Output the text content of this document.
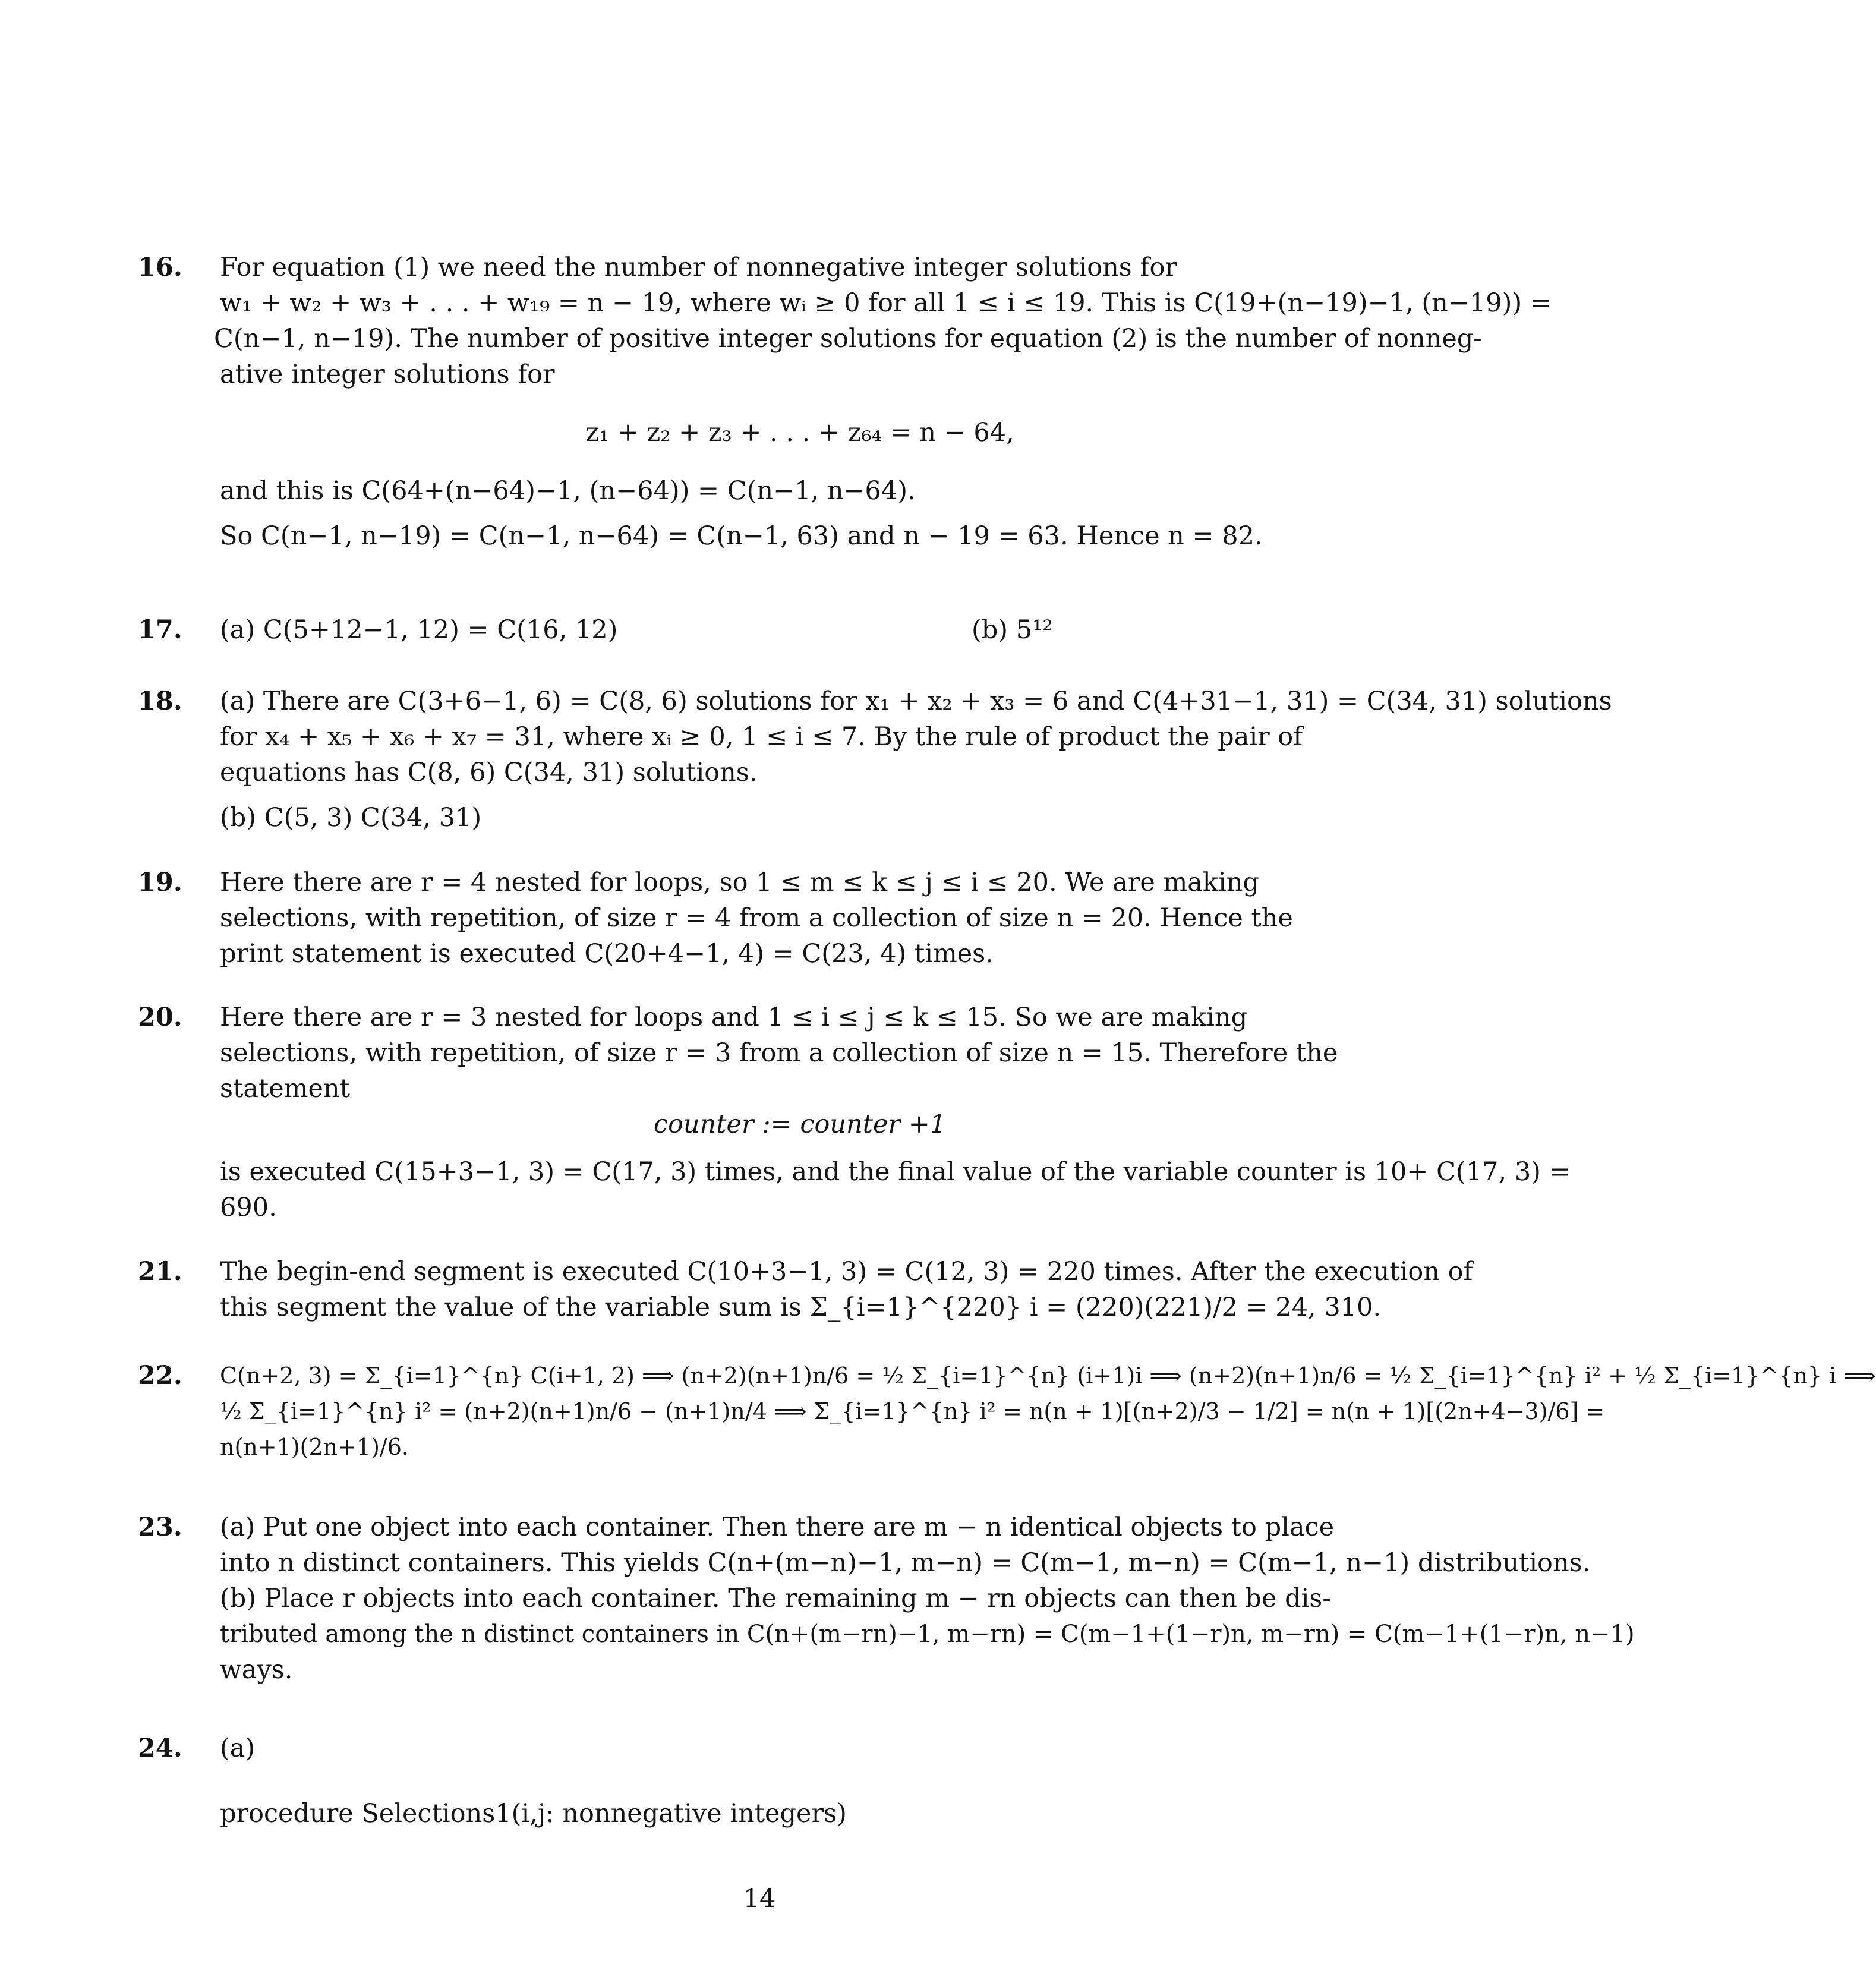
16.	For equation (1) we need the number of nonnegative integer solutions for
w₁ + w₂ + w₃ + . . . + w₁₉ = n − 19, where wᵢ ≥ 0 for all 1 ≤ i ≤ 19. This is C(19+(n−19)−1, (n−19)) =
C(n−1, n−19). The number of positive integer solutions for equation (2) is the number of nonneg-
ative integer solutions for
z₁ + z₂ + z₃ + . . . + z₆₄ = n − 64,
and this is C(64+(n−64)−1, (n−64)) = C(n−1, n−64).
So C(n−1, n−19) = C(n−1, n−64) = C(n−1, 63) and n − 19 = 63. Hence n = 82.
17.	(a) C(5+12−1, 12) = C(16, 12)	(b) 5¹²
18.	(a) There are C(3+6−1, 6) = C(8, 6) solutions for x₁ + x₂ + x₃ = 6 and C(4+31−1, 31) = C(34, 31) solutions
for x₄ + x₅ + x₆ + x₇ = 31, where xᵢ ≥ 0, 1 ≤ i ≤ 7. By the rule of product the pair of
equations has C(8, 6) C(34, 31) solutions.
(b) C(5, 3) C(34, 31)
19.	Here there are r = 4 nested for loops, so 1 ≤ m ≤ k ≤ j ≤ i ≤ 20. We are making
selections, with repetition, of size r = 4 from a collection of size n = 20. Hence the
print statement is executed C(20+4−1, 4) = C(23, 4) times.
20.	Here there are r = 3 nested for loops and 1 ≤ i ≤ j ≤ k ≤ 15. So we are making
selections, with repetition, of size r = 3 from a collection of size n = 15. Therefore the
statement
counter := counter +1
is executed C(15+3−1, 3) = C(17, 3) times, and the final value of the variable counter is 10+ C(17, 3) =
690.
21.	The begin-end segment is executed C(10+3−1, 3) = C(12, 3) = 220 times. After the execution of
this segment the value of the variable sum is Σ_{i=1}^{220} i = (220)(221)/2 = 24, 310.
22.	C(n+2, 3) = Σ_{i=1}^{n} C(i+1, 2) ⟹ (n+2)(n+1)n/6 = ½ Σ_{i=1}^{n} (i+1)i ⟹ (n+2)(n+1)n/6 = ½ Σ_{i=1}^{n} i² + ½ Σ_{i=1}^{n} i ⟹
½ Σ_{i=1}^{n} i² = (n+2)(n+1)n/6 − (n+1)n/4 ⟹ Σ_{i=1}^{n} i² = n(n + 1)[(n+2)/3 − 1/2] = n(n + 1)[(2n+4−3)/6] =
n(n+1)(2n+1)/6.
23.	(a) Put one object into each container. Then there are m − n identical objects to place
into n distinct containers. This yields C(n+(m−n)−1, m−n) = C(m−1, m−n) = C(m−1, n−1) distributions.
(b) Place r objects into each container. The remaining m − rn objects can then be dis-
tributed among the n distinct containers in C(n+(m−rn)−1, m−rn) = C(m−1+(1−r)n, m−rn) = C(m−1+(1−r)n, n−1)
ways.
24.	(a)
procedure Selections1(i,j: nonnegative integers)
14
